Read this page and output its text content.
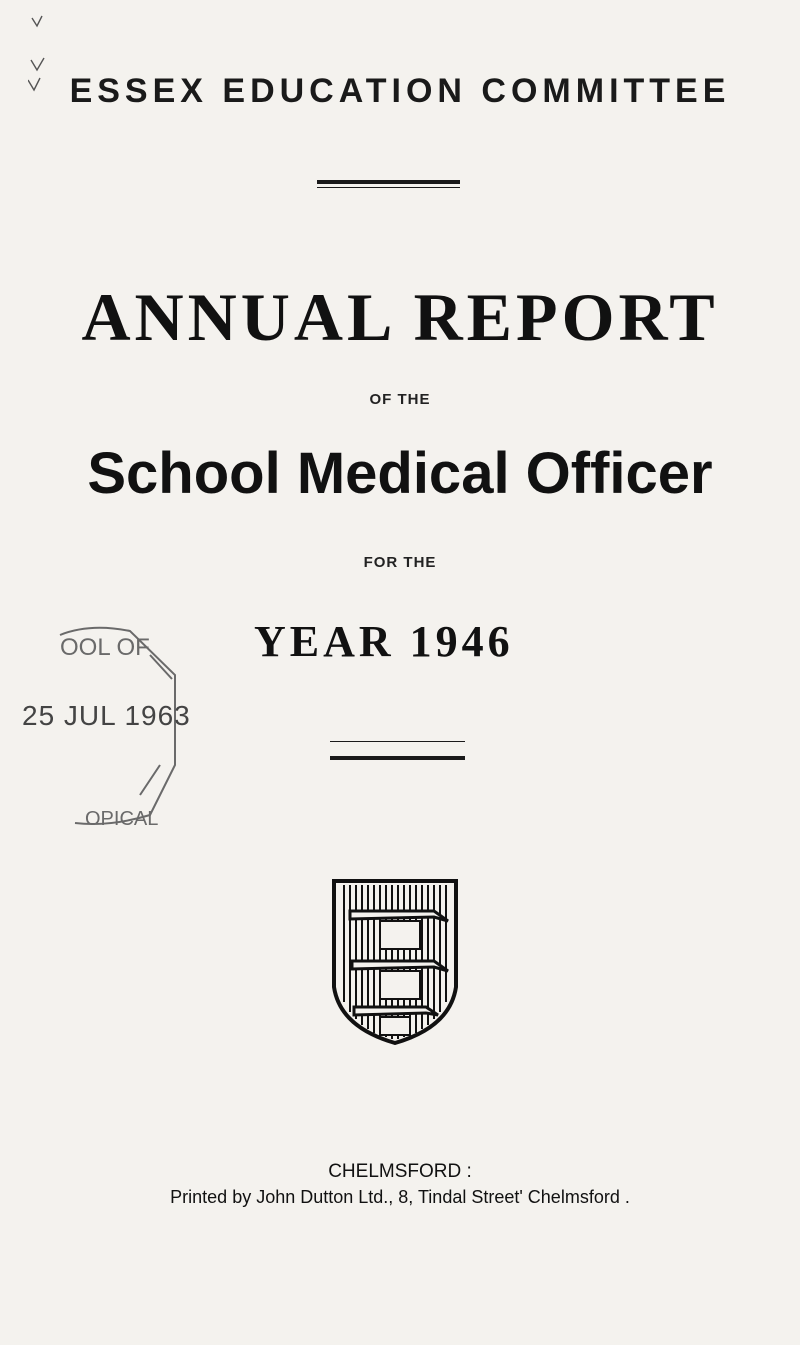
ESSEX EDUCATION COMMITTEE
ANNUAL REPORT
OF THE
School Medical Officer
FOR THE
YEAR 1946
OOL OF
OPICAL
25 JUL 1963
CHELMSFORD :
Printed by John Dutton Ltd., 8, Tindal Street' Chelmsford .
